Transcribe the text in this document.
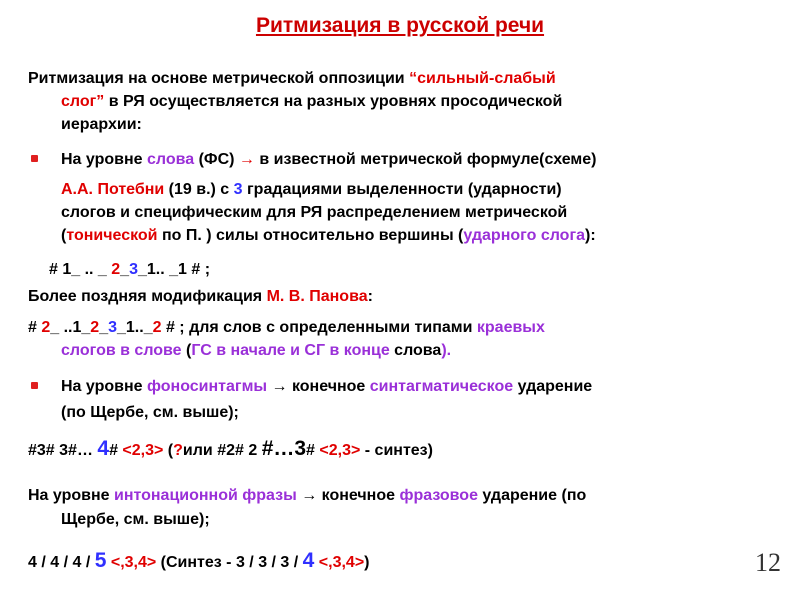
Ритмизация в русской речи
Ритмизация на основе метрической оппозиции “сильный-слабый
слог” в РЯ осуществляется на разных уровнях просодической
иерархии:
На уровне слова (ФС) → в известной метрической формуле(схеме)
А.А. Потебни (19 в.) с 3 градациями выделенности (ударности)
слогов и специфическим для РЯ распределением метрической
(тонической по П. ) силы относительно вершины (ударного слога):
# 1_ .. _ 2_3_1.. _1 # ;
Более поздняя модификация М. В. Панова:
# 2_ ..1_2_3_1.._2 # ; для слов с определенными типами краевых
слогов в слове (ГС в начале и СГ в конце слова).
На уровне фоносинтагмы → конечное синтагматическое ударение
(по Щербе, см. выше);
#3# 3#… 4# <2,3> (?или #2# 2 #…3# <2,3> - синтез)
На уровне интонационной фразы → конечное фразовое ударение (по
Щербе, см. выше);
4 / 4 / 4 / 5 <,3,4> (Синтез - 3 / 3 / 3 / 4 <,3,4>)	12
